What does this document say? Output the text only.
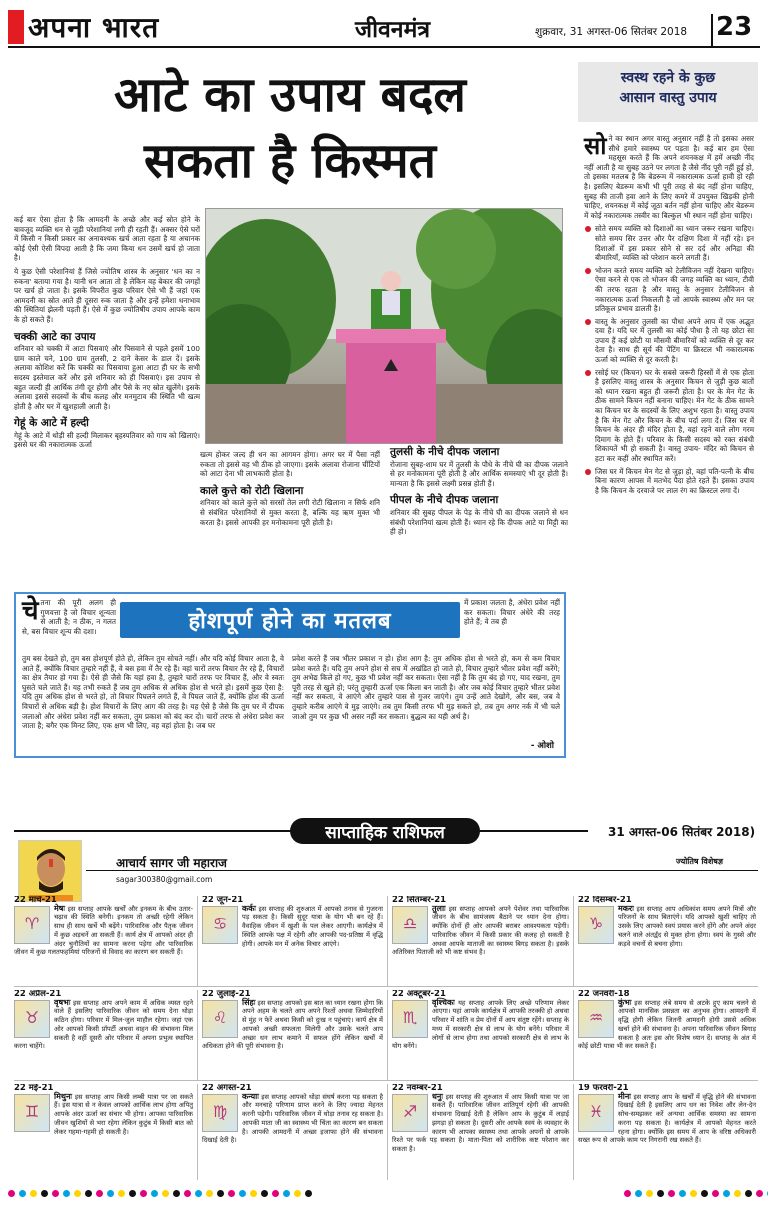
अपना भारत	जीवनमंत्र	शुक्रवार, 31 अगस्त-06 सितंबर 2018 23
आटे का उपाय बदल
सकता है किस्मत

कई बार ऐसा होता है कि आमदनी के अच्छे और कई स्रोत होने के बावजूद व्यक्ति धन से जुड़ी परेशानियां लगी ही रहती हैं। अक्सर ऐसे घरों में किसी न किसी प्रकार का अनावश्यक खर्च आता रहता है या अचानक कोई ऐसी ऐसी विपदा आती है कि जमा किया धन उसमें खर्च हो जाता है।

ये कुछ ऐसी परेशानियां हैं जिसे ज्योतिष शास्त्र के अनुसार 'धन का न रुकना' बताया गया है। यानी धन आता तो है लेकिन वह बेकार की जगहों पर खर्च हो जाता है। इसके विपरीत कुछ परिवार ऐसे भी हैं जहां एक आमदनी का स्रोत आते ही दूसरा रुक जाता है और इन्हें हमेशा धनाभाव की स्थितियां झेलनी पड़ती हैं। ऐसे में कुछ ज्योतिषीय उपाय आपके काम के हो सकते हैं।

चक्की आटे का उपाय

शनिवार को चक्की में आटा पिसवाएं और पिसवाने से पहले इसमें 100 ग्राम काले चने, 100 ग्राम तुलसी, 2 दाने केसर के डाल दें। इसके अलावा कोशिश करें कि चक्की का पिसवाया हुआ आटा ही घर के सभी सदस्य इस्तेमाल करें और इसे शनिवार को ही पिसवाएं। इस उपाय से बहुत जल्दी ही आर्थिक तंगी दूर होगी और पैसे के नए स्रोत खुलेंगे। इसके अलावा इससे सदस्यों के बीच कलह और मनमुटाव की स्थिति भी खत्म होती है और घर में खुशहाली आती है।

गेहूं के आटे में हल्दी

गेहूं के आटे में थोड़ी सी हल्दी मिलाकर बृहस्पतिवार को गाय को खिलाएं। इससे घर की नकारात्मक ऊर्जा

खत्म होकर जल्द ही धन का आगमन होगा। अगर घर में पैसा नहीं रुकता तो इससे वह भी ठीक हो जाएगा। इसके अलावा रोजाना चींटियों को आटा देना भी लाभकारी होता है।

काले कुत्ते को रोटी खिलाना

शनिवार को काले कुत्ते को सरसों तेल लगी रोटी खिलाना न सिर्फ शनि से संबंधित परेशानियों से मुक्त करता है, बल्कि यह ऋण मुक्त भी करता है। इससे आपकी हर मनोकामना पूरी होती है।

तुलसी के नीचे दीपक जलाना

रोजाना सुबह-शाम घर में तुलसी के पौधे के नीचे घी का दीपक जलाने से हर मनोकामना पूरी होती है और आर्थिक समस्याएं भी दूर होती हैं। मान्यता है कि इससे लक्ष्मी प्रसन्न होती हैं।

पीपल के नीचे दीपक जलाना

शनिवार की सुबह पीपल के पेड़ के नीचे घी का दीपक जलाने से धन संबंधी परेशानियां खत्म होती हैं। ध्यान रहे कि दीपक आटे या मिट्टी का ही हो।

स्वस्थ रहने के कुछ
आसान वास्तु उपाय

सो ने का स्थान अगर वास्तु अनुसार नहीं है तो इसका असर सीधे हमारे स्वास्थ्य पर पड़ता है। कई बार हम ऐसा महसूस करते हैं कि अपने शयनकक्ष में हमें अच्छी नींद नहीं आती है या सुबह उठने पर लगता है जैसे नींद पूरी नहीं हुई हो, तो इसका मतलब है कि बेडरूम में नकारात्मक ऊर्जा हावी हो रही है। इसलिए बेडरूम कभी भी पूरी तरह से बंद नहीं होना चाहिए, सुबह की ताजी हवा आने के लिए कमरे में उपयुक्त खिड़की होनी चाहिए, शयनकक्ष में कोई जूठा बर्तन नहीं होना चाहिए और बेडरूम में कोई नकारात्मक तस्वीर का बिल्कुल भी स्थान नहीं होना चाहिए।

सोते समय व्यक्ति को दिशाओं का ध्यान जरूर रखना चाहिए। सोते समय सिर उत्तर और पैर दक्षिण दिशा में नहीं रहे। इन दिशाओं में इस प्रकार सोने से सर दर्द और अनिद्रा की बीमारियाँ, व्यक्ति को परेशान करने लगती हैं।
भोजन करते समय व्यक्ति को टेलीविजन नहीं देखना चाहिए। ऐसा करने से एक तो भोजन की जगह व्यक्ति का ध्यान, टीवी की तरफ रहता है और वास्तु के अनुसार टेलीविजन से नकारात्मक ऊर्जा निकलती है जो आपके स्वास्थ्य और मन पर प्रतिकूल प्रभाव डालती है।
वास्तु के अनुसार तुलसी का पौधा अपने आप में एक अद्भुत दवा है। यदि घर में तुलसी का कोई पौधा है तो यह छोटा सा उपाय हैं कई छोटी या मौसमी बीमारियों को व्यक्ति से दूर कर देता है। साथ ही सूर्य की पेंटिंग या क्रिस्टल भी नकारात्मक ऊर्जा को व्यक्ति से दूर करती है।
रसोई घर (किचन) घर के सबसे जरूरी हिस्सों में से एक होता है इसलिए वास्तु शास्त्र के अनुसार किचन से जुड़ी कुछ बातों को ध्यान रखना बहुत ही जरूरी होता है। घर के मेन गेट के ठीक सामने किचन नहीं बनाना चाहिए। मेन गेट के ठीक सामने का किचन घर के सदस्यों के लिए अशुभ रहता है। वास्तु उपाय है कि मेन गेट और किचन के बीच पर्दा लगा दें। जिस घर में किचन के अंदर ही मंदिर होता है, वहां रहने वाले लोग गरम दिमाग के होते हैं। परिवार के किसी सदस्य को रक्त संबंधी शिकायतें भी हो सकती है। वास्तु उपाय- मंदिर को किचन से हटा कर कहीं और स्थापित करें।
जिस घर में किचन मेन गेट से जुड़ा हो, वहां पति-पत्नी के बीच बिना कारण आपस में मतभेद पैदा होते रहते हैं। इसका उपाय है कि किचन के दरवाजे पर लाल रंग का क्रिस्टल लगा दें।
होशपूर्ण होने का मतलब
चे तना की पूरी अलग ही गुणवत्ता है जो विचार शून्यता से आती है; न ठीक, न गलत से, बस विचार शून्य की दशा।
में प्रकाश जलता है, अंधेरा प्रवेश नहीं कर सकता। विचार अंधेरे की तरह होते हैं; वे तब ही
तुम बस देखते हो, तुम बस होशपूर्ण होते हो, लेकिन तुम सोचते नहीं। और यदि कोई विचार आता है, वे आते हैं, क्योंकि विचार तुम्हारे नहीं हैं, वे बस हवा में तैर रहे हैं। वहां चारों तरफ विचार तैर रहे हैं, विचारों का क्षेत्र तैयार हो गया है। ऐसे ही जैसे कि यहां हवा है, तुम्हारे चारों तरफ पर विचार हैं, और वे स्वतः घुसते चले जाते हैं। यह तभी रुकते हैं जब तुम अधिक से अधिक होश से भरते हो। इसमें कुछ ऐसा है: यदि तुम अधिक होश से भरते हो, तो विचार पिघलने लगते हैं, वे पिघल जाते हैं, क्योंकि होश की ऊर्जा विचारों से अधिक बड़ी है। होश विचारों के लिए आग की तरह है। यह ऐसे है जैसे कि तुम घर में दीपक जलाओ और अंधेरा प्रवेश नहीं कर सकता, तुम प्रकाश को बंद कर दो। चारों तरफ से अंधेरा प्रवेश कर जाता है; बगैर एक मिनट लिए, एक क्षण भी लिए, वह वहां होता है। जब घर
प्रवेश करते हैं जब भीतर प्रकाश न हो। होश आग है: तुम अधिक होश से भरते हो, कम से कम विचार प्रवेश करते हैं। यदि तुम अपने होश से सच में अखंडित हो जाते हो, विचार तुम्हारे भीतर प्रवेश नहीं करेंगे; तुम अभेद्य किले हो गए, कुछ भी प्रवेश नहीं कर सकता। ऐसा नहीं है कि तुम बंद हो गए, याद रखना, तुम पूरी तरह से खुले हो; परंतु तुम्हारी ऊर्जा एक किला बन जाती है। और जब कोई विचार तुम्हारे भीतर प्रवेश नहीं कर सकता, वे आएंगे और तुम्हारे पास से गुजर जाएंगे। तुम उन्हें आते देखोगे, और बस, जब वे तुम्हारे करीब आएंगे वे मुड़ जाएंगे। तब तुम किसी तरफ भी मुड़ सकते हो, तब तुम अगर नर्क में भी चले जाओ तुम पर कुछ भी असर नहीं कर सकता। बुद्धत्व का यही अर्थ है।
- ओशो
साप्ताहिक राशिफल	31 अगस्त-06 सितंबर 2018)
आचार्य सागर जी महाराज	ज्योतिष विशेषज्ञ
sagar300380@gmail.com
22 मार्च-21
♈
मेषः इस सप्ताह आपके खर्चों और इनकम के बीच उतार-चढ़ाव की स्थिति बनेगी। इनकम तो अच्छी रहेगी लेकिन साथ ही साथ खर्चे भी बढ़ेंगे। पारिवारिक और पैतृक जीवन में कुछ अड़चनें आ सकती हैं। कार्य क्षेत्र में आपको अंदर ही अंदर चुनौतियों का सामना करना पड़ेगा और पारिवारिक जीवन में कुछ गलतफहमियां परिजनों से विवाद का कारण बन सकती हैं।
22 जून-21
♋
कर्कः इस सप्ताह की शुरुआत में आपको तनाव से गुजरना पड़ सकता है। किसी सुदूर यात्रा के योग भी बन रहे हैं। वैवाहिक जीवन में खुशी के पल लेकर आएगी। कार्यक्षेत्र में स्थिति आपके पक्ष में रहेगी और आपकी पद-प्रतिष्ठा में वृद्धि होगी। आपके मन में अनेक विचार आएंगे।
22 सितम्बर-21
♎
तुलाः इस सप्ताह आपको अपने पेशेवर तथा पारिवारिक जीवन के बीच सामंजस्य बैठाने पर ध्यान देना होगा। क्योंकि दोनों ही ओर आपकी बराबर आवश्यकता पड़ेगी। पारिवारिक जीवन में किसी प्रकार की कलह हो सकती है अथवा आपके माताजी का स्वास्थ्य बिगड़ सकता है। इसके अतिरिक्त पिताजी को भी कष्ट संभव है।
22 दिसम्बर-21
♑
मकरः इस सप्ताह आप अधिकांश समय अपने मित्रों और परिजनों के साथ बिताएंगे। यदि आपको खुशी चाहिए तो उसके लिए आपको स्वयं प्रयास करने होंगे और अपने अंदर चलने वाले अंतर्द्वंद से मुक्त होना होगा। स्वयं के गुस्से और कड़वे वचनों से बचना होगा।
22 अप्रैल-21
♉
वृषभः इस सप्ताह आप अपने काम में अधिक व्यस्त रहने वाले हैं इसलिए पारिवारिक जीवन को समय देना थोड़ा कठिन होगा। परिवार में मिल-जुल माहौल रहेगा। जहां एक ओर आपको किसी प्रॉपर्टी अथवा वाहन की संभावना मिल सकती है वहीं दूसरी ओर परिवार में अपना प्रभुत्व स्थापित करना चाहेंगे।
22 जुलाई-21
♌
सिंहः इस सप्ताह आपको इस बात का ध्यान रखना होगा कि अपने अहम के चलते आप अपने रिश्तों अथवा जिम्मेदारियों से मुंह न फेरें अथवा किसी को दुःख न पहुंचाएं। कार्य क्षेत्र में आपको अच्छी सफलता मिलेगी और उसके चलते आप अच्छा धन लाभ कमाने में सफल होंगे लेकिन खर्चों में अधिकता होने की पूरी संभावना है।
22 अक्टूबर-21
♏
वृश्चिकः यह सप्ताह आपके लिए अच्छे परिणाम लेकर आएगा। यहां आपके कार्यक्षेत्र में आपकी तरक्की हो अथवा परिवार में शांति व प्रेम दोनों में आप संतुष्ट रहेंगे। सप्ताह के मध्य में सरकारी क्षेत्र से लाभ के योग बनेंगे। परिवार में लोगों से लाभ होगा तथा आपको सरकारी क्षेत्र से लाभ के योग बनेंगे।
22 जनवरी-18
♒
कुंभः इस सप्ताह लंबे समय से अटके हुए काम चलने से आपको मानसिक प्रसन्नता का अनुभव होगा। आमदनी में वृद्धि होगी लेकिन जितनी आमदनी होगी उससे अधिक खर्चा होने की संभावना है। अपना पारिवारिक जीवन बिगाड़ सकता है अतः इस ओर विशेष ध्यान दें। सप्ताह के अंत में कोई छोटी यात्रा भी कर सकते हैं।
22 मई-21
♊
मिथुनः इस सप्ताह आप किसी लम्बी यात्रा पर जा सकते हैं। इस यात्रा से न केवल आपको आर्थिक लाभ होगा अपितु आपके अंदर ऊर्जा का संचार भी होगा। आपका पारिवारिक जीवन खुशियों से भरा रहेगा लेकिन कुटुंब में किसी बात को लेकर गहमा-गहमी हो सकती है।
22 अगस्त-21
♍
कन्याः इस सप्ताह आपको थोड़ा संघर्ष करना पड़ सकता है और मनचाहे परिणाम प्राप्त करने के लिए ज्यादा मेहनत करनी पड़ेगी। पारिवारिक जीवन में थोड़ा तनाव रह सकता है। आपकी माता जी का स्वास्थ्य भी चिंता का कारण बन सकता है। आपकी आमदनी में अच्छा इजाफा होने की संभावना दिखाई देती है।
22 नवम्बर-21
♐
धनुः इस सप्ताह की शुरुआत में आप किसी यात्रा पर जा सकते हैं। पारिवारिक जीवन शांतिपूर्ण रहेगी की आपकी संभावना दिखाई देती है लेकिन आप के कुटुंब में लड़ाई झगड़ा हो सकता है। दूसरी ओर आपके स्वयं के व्यवहार के कारण भी आपका स्वास्थ्य तथा आपके अपनों से आपके रिश्ते पर फर्क पड़ सकता है। माता-पिता को शारीरिक कष्ट परेशान कर सकता है।
19 फरवरी-21
♓
मीनः इस सप्ताह आप के खर्चों में वृद्धि होने की संभावना दिखाई देती है इसलिए आप धन का निवेश और लेन-देन सोच-समझकर करें अन्यथा आर्थिक समस्या का सामना करना पड़ सकता है। कार्यक्षेत्र में आपको मेहनत करते रहना होगा। क्योंकि इस समय में आप के वरिष्ठ अधिकारी सख्त रूप से आपके काम पर निगरानी रख सकते हैं।
